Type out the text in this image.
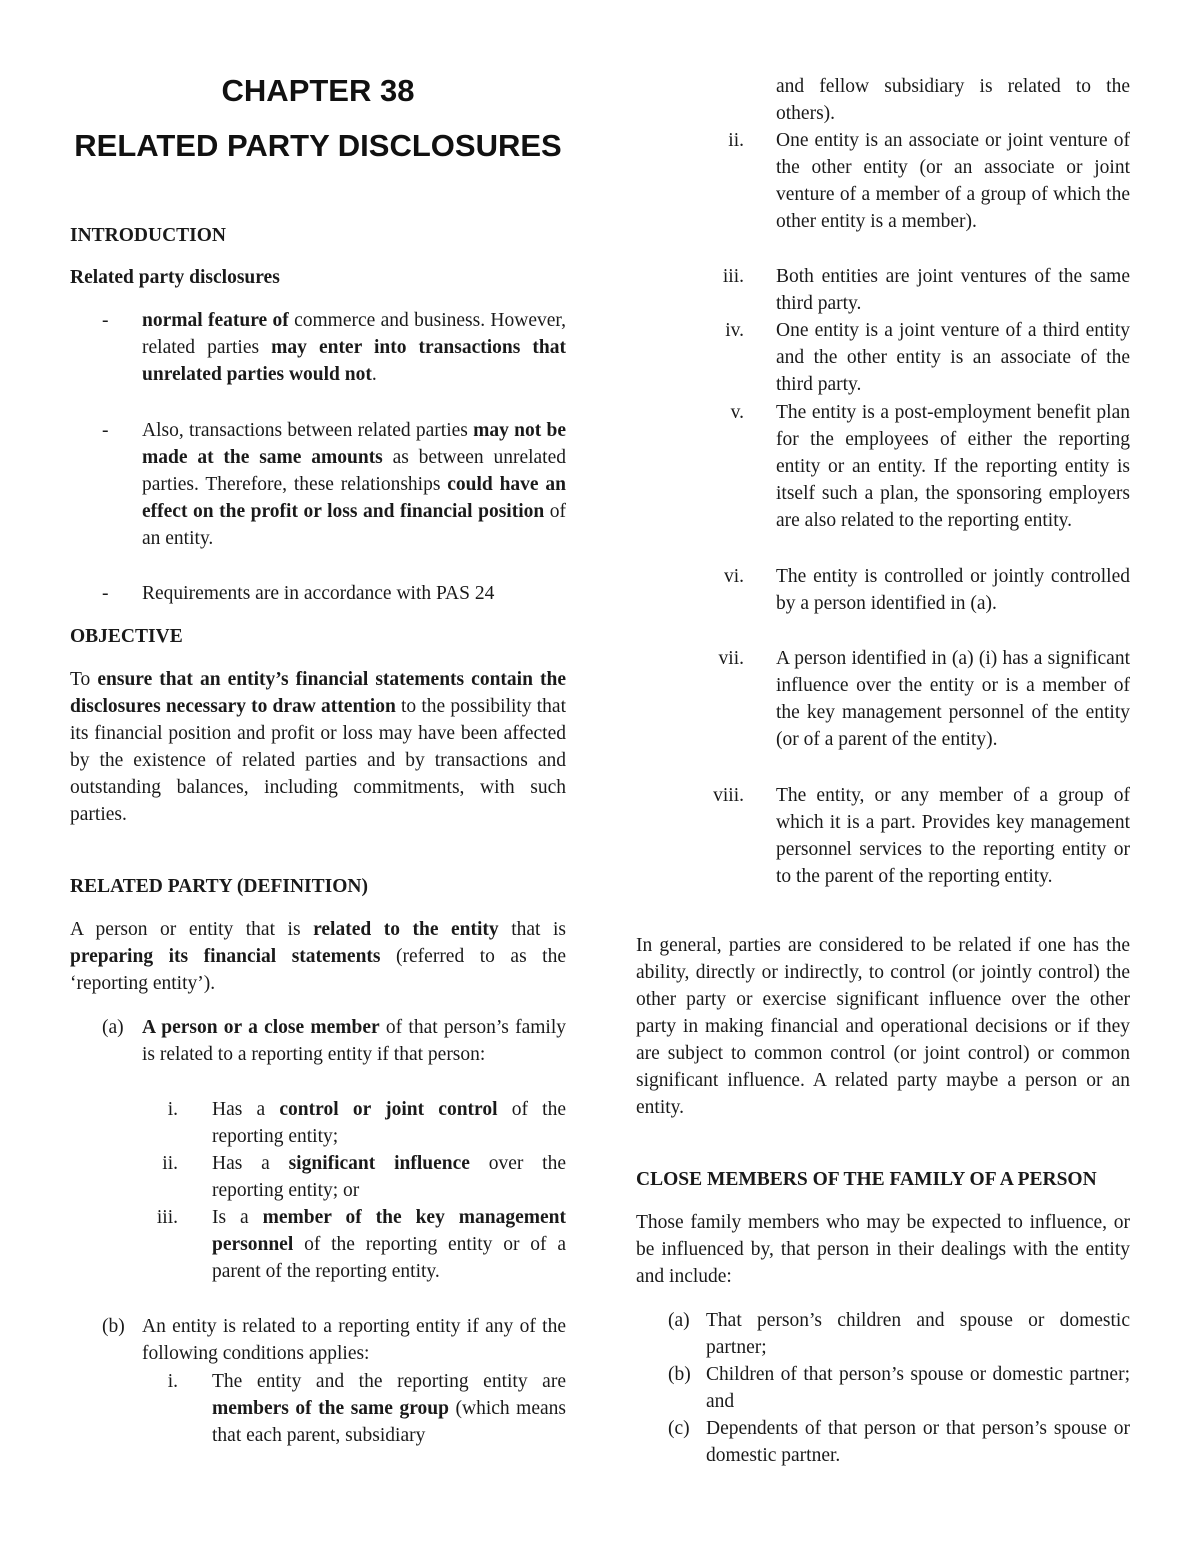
CHAPTER 38
RELATED PARTY DISCLOSURES
INTRODUCTION
Related party disclosures
- normal feature of commerce and business. However, related parties may enter into transactions that unrelated parties would not.
- Also, transactions between related parties may not be made at the same amounts as between unrelated parties. Therefore, these relationships could have an effect on the profit or loss and financial position of an entity.
- Requirements are in accordance with PAS 24
OBJECTIVE

To ensure that an entity’s financial statements contain the disclosures necessary to draw attention to the possibility that its financial position and profit or loss may have been affected by the existence of related parties and by transactions and outstanding balances, including commitments, with such parties.

RELATED PARTY (DEFINITION)

A person or entity that is related to the entity that is preparing its financial statements (referred to as the ‘reporting entity’).

(a) A person or a close member of that person’s family is related to a reporting entity if that person:
i. Has a control or joint control of the reporting entity;
ii. Has a significant influence over the reporting entity; or
iii. Is a member of the key management personnel of the reporting entity or of a parent of the reporting entity.
(b) An entity is related to a reporting entity if any of the following conditions applies:
i. The entity and the reporting entity are members of the same group (which means that each parent, subsidiary
and fellow subsidiary is related to the others).
ii. One entity is an associate or joint venture of the other entity (or an associate or joint venture of a member of a group of which the other entity is a member).
iii. Both entities are joint ventures of the same third party.
iv. One entity is a joint venture of a third entity and the other entity is an associate of the third party.
v. The entity is a post-employment benefit plan for the employees of either the reporting entity or an entity. If the reporting entity is itself such a plan, the sponsoring employers are also related to the reporting entity.
vi. The entity is controlled or jointly controlled by a person identified in (a).
vii. A person identified in (a) (i) has a significant influence over the entity or is a member of the key management personnel of the entity (or of a parent of the entity).
viii. The entity, or any member of a group of which it is a part. Provides key management personnel services to the reporting entity or to the parent of the reporting entity.

In general, parties are considered to be related if one has the ability, directly or indirectly, to control (or jointly control) the other party or exercise significant influence over the other party in making financial and operational decisions or if they are subject to common control (or joint control) or common significant influence. A related party maybe a person or an entity.

CLOSE MEMBERS OF THE FAMILY OF A PERSON

Those family members who may be expected to influence, or be influenced by, that person in their dealings with the entity and include:

(a) That person’s children and spouse or domestic partner;
(b) Children of that person’s spouse or domestic partner; and
(c) Dependents of that person or that person’s spouse or domestic partner.
